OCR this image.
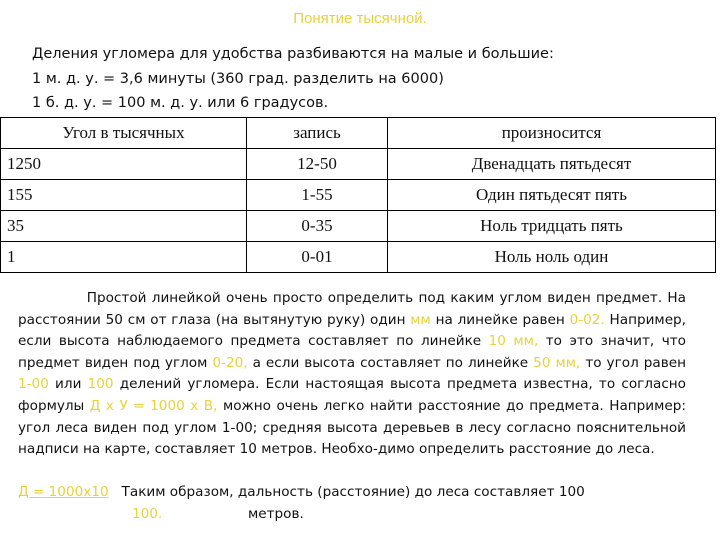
Понятие тысячной.
Деления угломера для удобства разбиваются на малые и большие:
1 м. д. у. = 3,6 минуты (360 град. разделить на 6000)
1 б. д. у. = 100 м. д. у. или 6 градусов.
Угол в тысячных	запись	произносится
1250	12-50	Двенадцать пятьдесят
155	1-55	Один пятьдесят пять
35	0-35	Ноль тридцать пять
1	0-01	Ноль ноль один
Простой линейкой очень просто определить под каким углом виден предмет. На расстоянии 50 см от глаза (на вытянутую руку) один мм на линейке равен 0-02. Например, если высота наблюдаемого предмета составляет по линейке 10 мм, то это значит, что предмет виден под углом 0-20, а если высота составляет по линейке 50 мм, то угол равен 1-00 или 100 делений угломера. Если настоящая высота предмета известна, то согласно формулы Д х У = 1000 х В, можно очень легко найти расстояние до предмета. Например: угол леса виден под углом 1-00; средняя высота деревьев в лесу согласно пояснительной надписи на карте, составляет 10 метров. Необхо-димо определить расстояние до леса.
Д = 1000х10   Таким образом, дальность (расстояние) до леса составляет 100
100.	метров.
